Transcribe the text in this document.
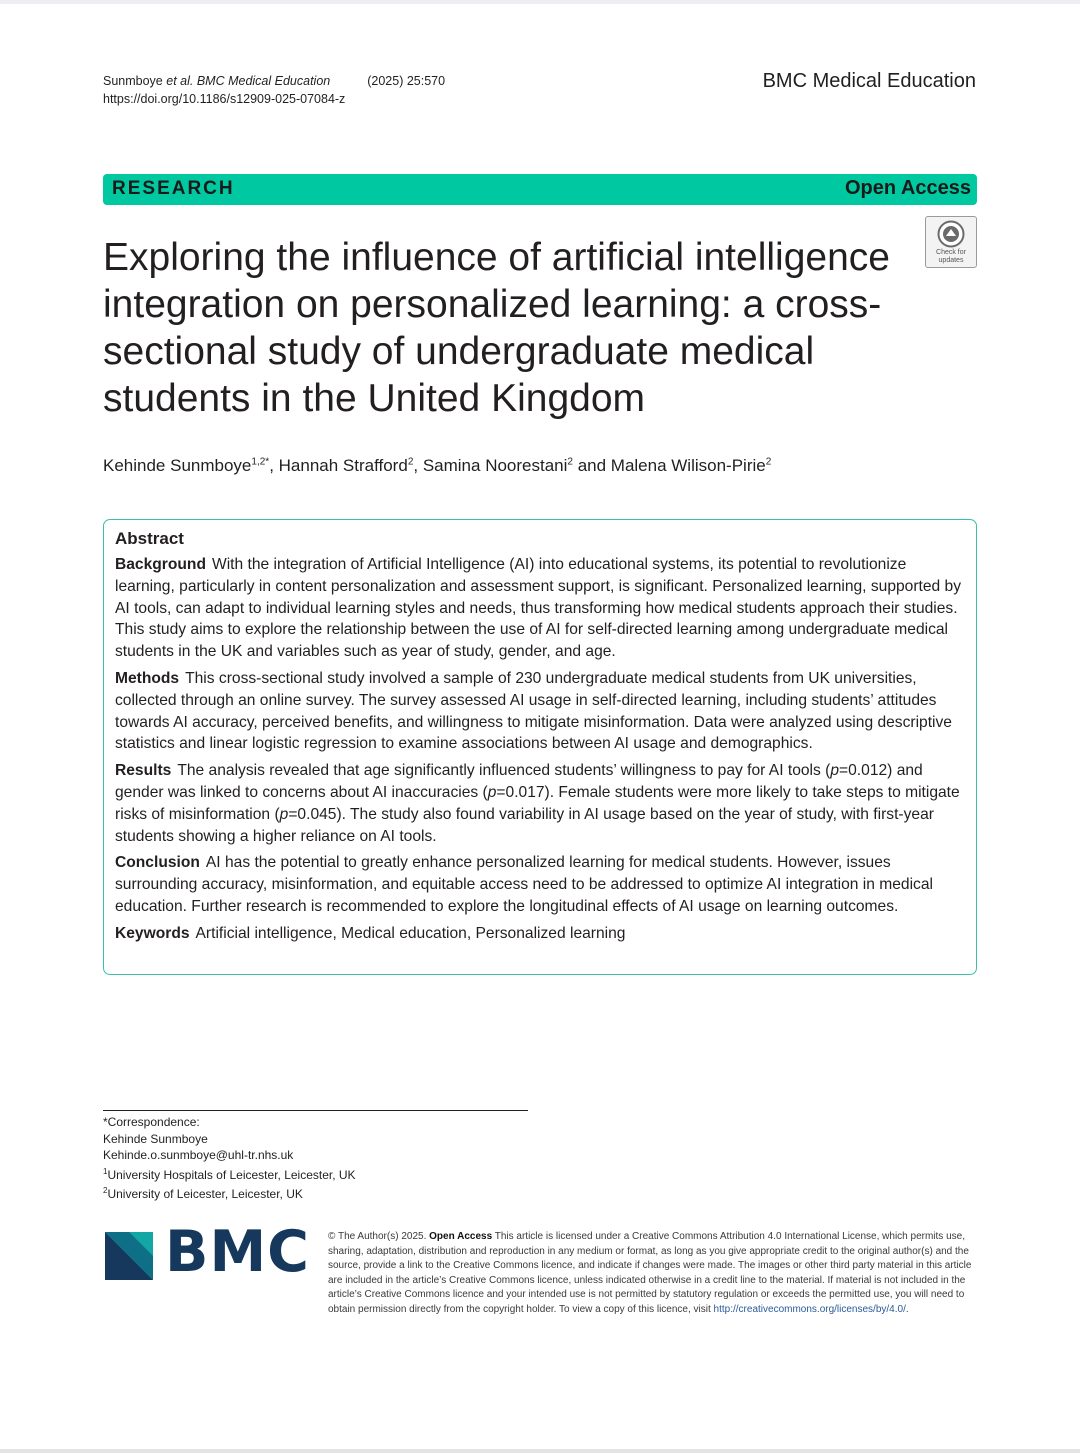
Sunmboye et al. BMC Medical Education	(2025) 25:570
https://doi.org/10.1186/s12909-025-07084-z
BMC Medical Education
RESEARCH	Open Access
Exploring the influence of artificial intelligence integration on personalized learning: a cross-sectional study of undergraduate medical students in the United Kingdom
Check for
updates
Kehinde Sunmboye$^{1,2*}$, Hannah Strafford$^2$, Samina Noorestani$^2$ and Malena Wilison-Pirie$^2$
Abstract

Background With the integration of Artificial Intelligence (AI) into educational systems, its potential to revolutionize learning, particularly in content personalization and assessment support, is significant. Personalized learning, supported by AI tools, can adapt to individual learning styles and needs, thus transforming how medical students approach their studies. This study aims to explore the relationship between the use of AI for self-directed learning among undergraduate medical students in the UK and variables such as year of study, gender, and age.

Methods This cross-sectional study involved a sample of 230 undergraduate medical students from UK universities, collected through an online survey. The survey assessed AI usage in self-directed learning, including students’ attitudes towards AI accuracy, perceived benefits, and willingness to mitigate misinformation. Data were analyzed using descriptive statistics and linear logistic regression to examine associations between AI usage and demographics.

Results The analysis revealed that age significantly influenced students’ willingness to pay for AI tools (p=0.012) and gender was linked to concerns about AI inaccuracies (p=0.017). Female students were more likely to take steps to mitigate risks of misinformation (p=0.045). The study also found variability in AI usage based on the year of study, with first-year students showing a higher reliance on AI tools.

Conclusion AI has the potential to greatly enhance personalized learning for medical students. However, issues surrounding accuracy, misinformation, and equitable access need to be addressed to optimize AI integration in medical education. Further research is recommended to explore the longitudinal effects of AI usage on learning outcomes.

Keywords Artificial intelligence, Medical education, Personalized learning

*Correspondence:
Kehinde Sunmboye
Kehinde.o.sunmboye@uhl-tr.nhs.uk
$^1$University Hospitals of Leicester, Leicester, UK
$^2$University of Leicester, Leicester, UK
BMC © The Author(s) 2025. Open Access This article is licensed under a Creative Commons Attribution 4.0 International License, which permits use, sharing, adaptation, distribution and reproduction in any medium or format, as long as you give appropriate credit to the original author(s) and the source, provide a link to the Creative Commons licence, and indicate if changes were made. The images or other third party material in this article are included in the article’s Creative Commons licence, unless indicated otherwise in a credit line to the material. If material is not included in the article’s Creative Commons licence and your intended use is not permitted by statutory regulation or exceeds the permitted use, you will need to obtain permission directly from the copyright holder. To view a copy of this licence, visit http://creativecommons.org/licenses/by/4.0/.
